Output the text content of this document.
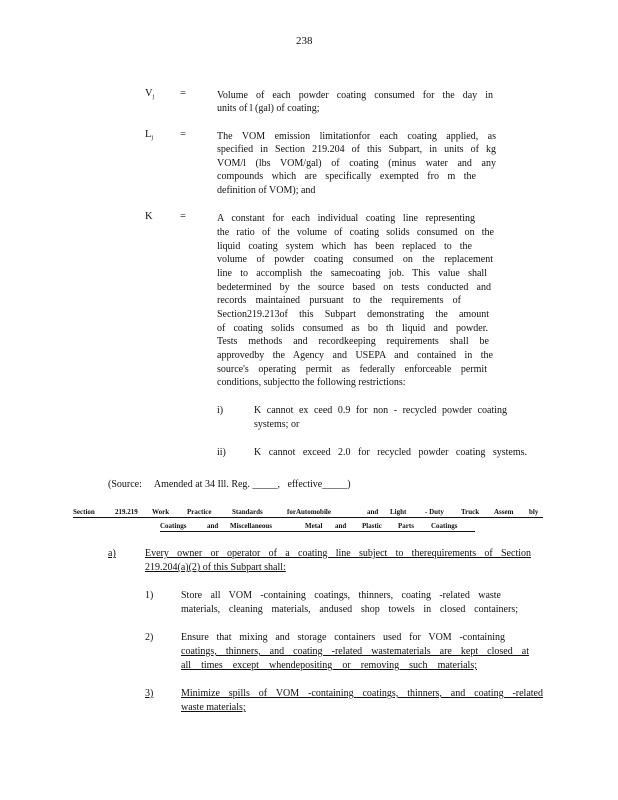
238
$V_j$ =	Volume of each powder coating consumed for the day in
units of l (gal) of coating;
$L_j$	=	The VOM emission limitationfor each coating applied, as
specified in Section 219.204 of this Subpart, in units of kg
VOM/l (lbs VOM/gal) of coating (minus water and any
compounds which are specifically exempted fro m the
definition of VOM); and
K	=	A constant for each individual coating line representing
the ratio of the volume of coating solids consumed on the
liquid coating system which has been replaced to the
volume of powder coating consumed on the replacement
line to accomplish the samecoating job. This value shall
bedetermined by the source based on tests conducted and
records maintained pursuant to the requirements of
Section219.213of this Subpart demonstrating the amount
of coating solids consumed as bo th liquid and powder.
Tests methods and recordkeeping requirements shall be
approvedby the Agency and USEPA and contained in the
source's operating permit as federally enforceable permit
conditions, subjectto the following restrictions:
i)	K cannot ex ceed 0.9 for non - recycled powder coating
systems; or
ii)	K cannot exceed 2.0 for recycled powder coating systems.
(Source: Amended at 34 Ill. Reg. _____, effective_____)
Section	219.219 Work	Practice	Standards	forAutomobile	and Light	- Duty Truck Assem bly
Coatings	and Miscellaneous	Metal and Plastic Parts Coatings
a)	Every owner or operator of a coating line subject to therequirements of Section
219.204(a)(2) of this Subpart shall:
1)	Store all VOM -containing coatings, thinners, coating -related waste
materials, cleaning materials, andused shop towels in closed containers;
2)	Ensure that mixing and storage containers used for VOM -containing
coatings, thinners, and coating -related wastematerials are kept closed at
all times except whendepositing or removing such materials;
3)	Minimize spills of VOM -containing coatings, thinners, and coating -related
waste materials;
